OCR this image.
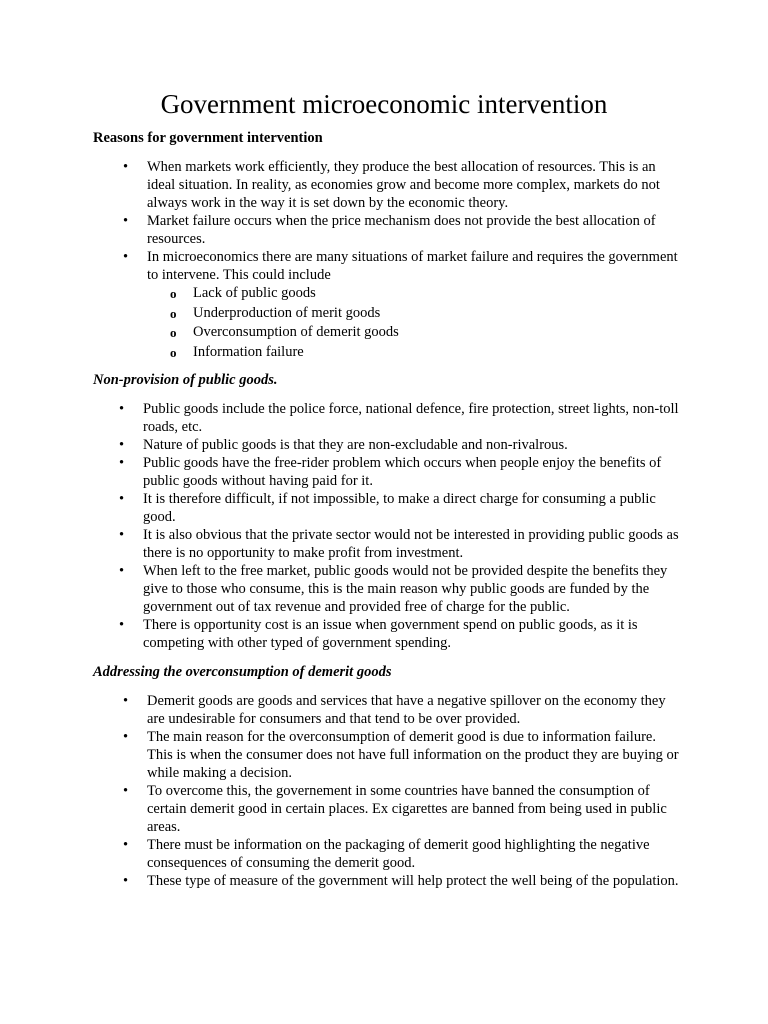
Government microeconomic intervention

Reasons for government intervention

• When markets work efficiently, they produce the best allocation of resources. This is an ideal situation. In reality, as economies grow and become more complex, markets do not always work in the way it is set down by the economic theory.
• Market failure occurs when the price mechanism does not provide the best allocation of resources.
• In microeconomics there are many situations of market failure and requires the government to intervene. This could include
o Lack of public goods
o Underproduction of merit goods
o Overconsumption of demerit goods
o Information failure

Non-provision of public goods.

• Public goods include the police force, national defence, fire protection, street lights, non-toll roads, etc.
• Nature of public goods is that they are non-excludable and non-rivalrous.
• Public goods have the free-rider problem which occurs when people enjoy the benefits of public goods without having paid for it.
• It is therefore difficult, if not impossible, to make a direct charge for consuming a public good.
• It is also obvious that the private sector would not be interested in providing public goods as there is no opportunity to make profit from investment.
• When left to the free market, public goods would not be provided despite the benefits they give to those who consume, this is the main reason why public goods are funded by the government out of tax revenue and provided free of charge for the public.
• There is opportunity cost is an issue when government spend on public goods, as it is competing with other typed of government spending.

Addressing the overconsumption of demerit goods

• Demerit goods are goods and services that have a negative spillover on the economy they are undesirable for consumers and that tend to be over provided.
• The main reason for the overconsumption of demerit good is due to information failure. This is when the consumer does not have full information on the product they are buying or while making a decision.
• To overcome this, the governement in some countries have banned the consumption of certain demerit good in certain places. Ex cigarettes are banned from being used in public areas.
• There must be information on the packaging of demerit good highlighting the negative consequences of consuming the demerit good.
• These type of measure of the government will help protect the well being of the population.
